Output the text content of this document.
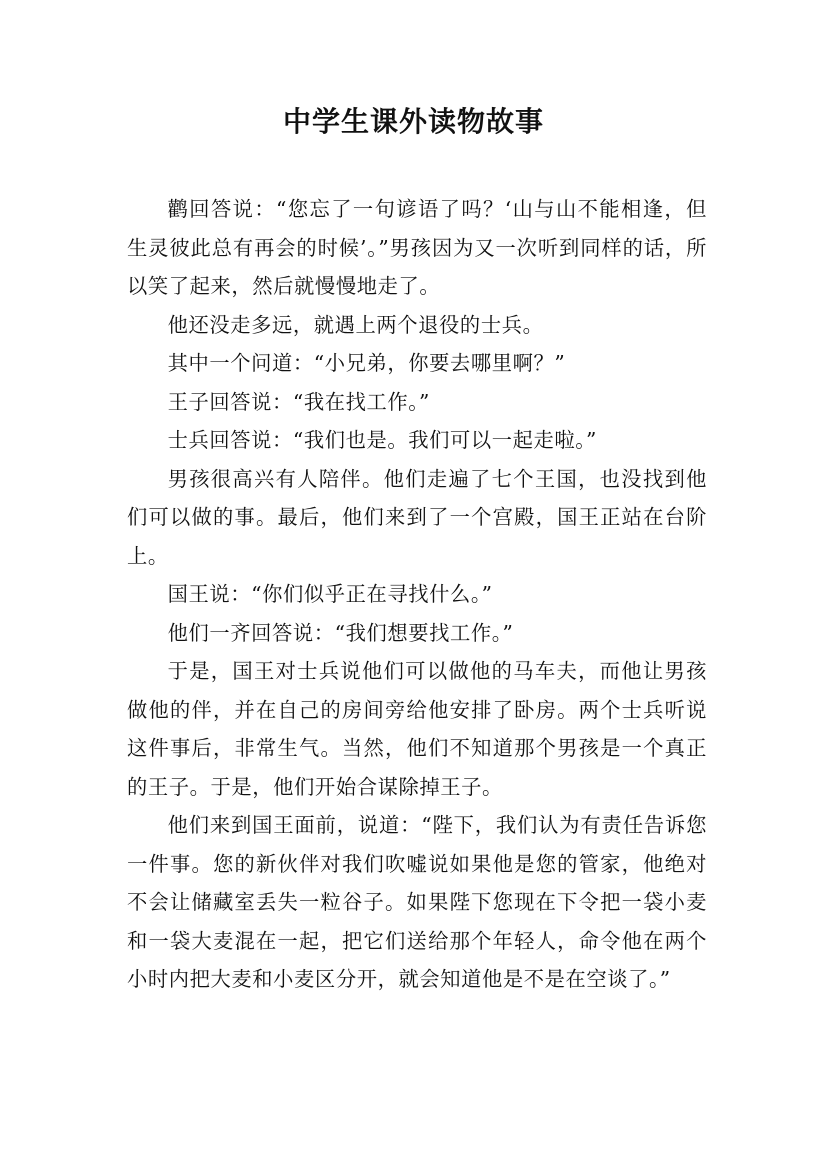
中学生课外读物故事

鹳回答说：“您忘了一句谚语了吗？‘山与山不能相逢，但生灵彼此总有再会的时候’。”男孩因为又一次听到同样的话，所以笑了起来，然后就慢慢地走了。

他还没走多远，就遇上两个退役的士兵。

其中一个问道：“小兄弟，你要去哪里啊？”

王子回答说：“我在找工作。”

士兵回答说：“我们也是。我们可以一起走啦。”

男孩很高兴有人陪伴。他们走遍了七个王国，也没找到他们可以做的事。最后，他们来到了一个宫殿，国王正站在台阶上。

国王说：“你们似乎正在寻找什么。”

他们一齐回答说：“我们想要找工作。”

于是，国王对士兵说他们可以做他的马车夫，而他让男孩做他的伴，并在自己的房间旁给他安排了卧房。两个士兵听说这件事后，非常生气。当然，他们不知道那个男孩是一个真正的王子。于是，他们开始合谋除掉王子。

他们来到国王面前，说道：“陛下，我们认为有责任告诉您一件事。您的新伙伴对我们吹嘘说如果他是您的管家，他绝对不会让储藏室丢失一粒谷子。如果陛下您现在下令把一袋小麦和一袋大麦混在一起，把它们送给那个年轻人，命令他在两个小时内把大麦和小麦区分开，就会知道他是不是在空谈了。”
